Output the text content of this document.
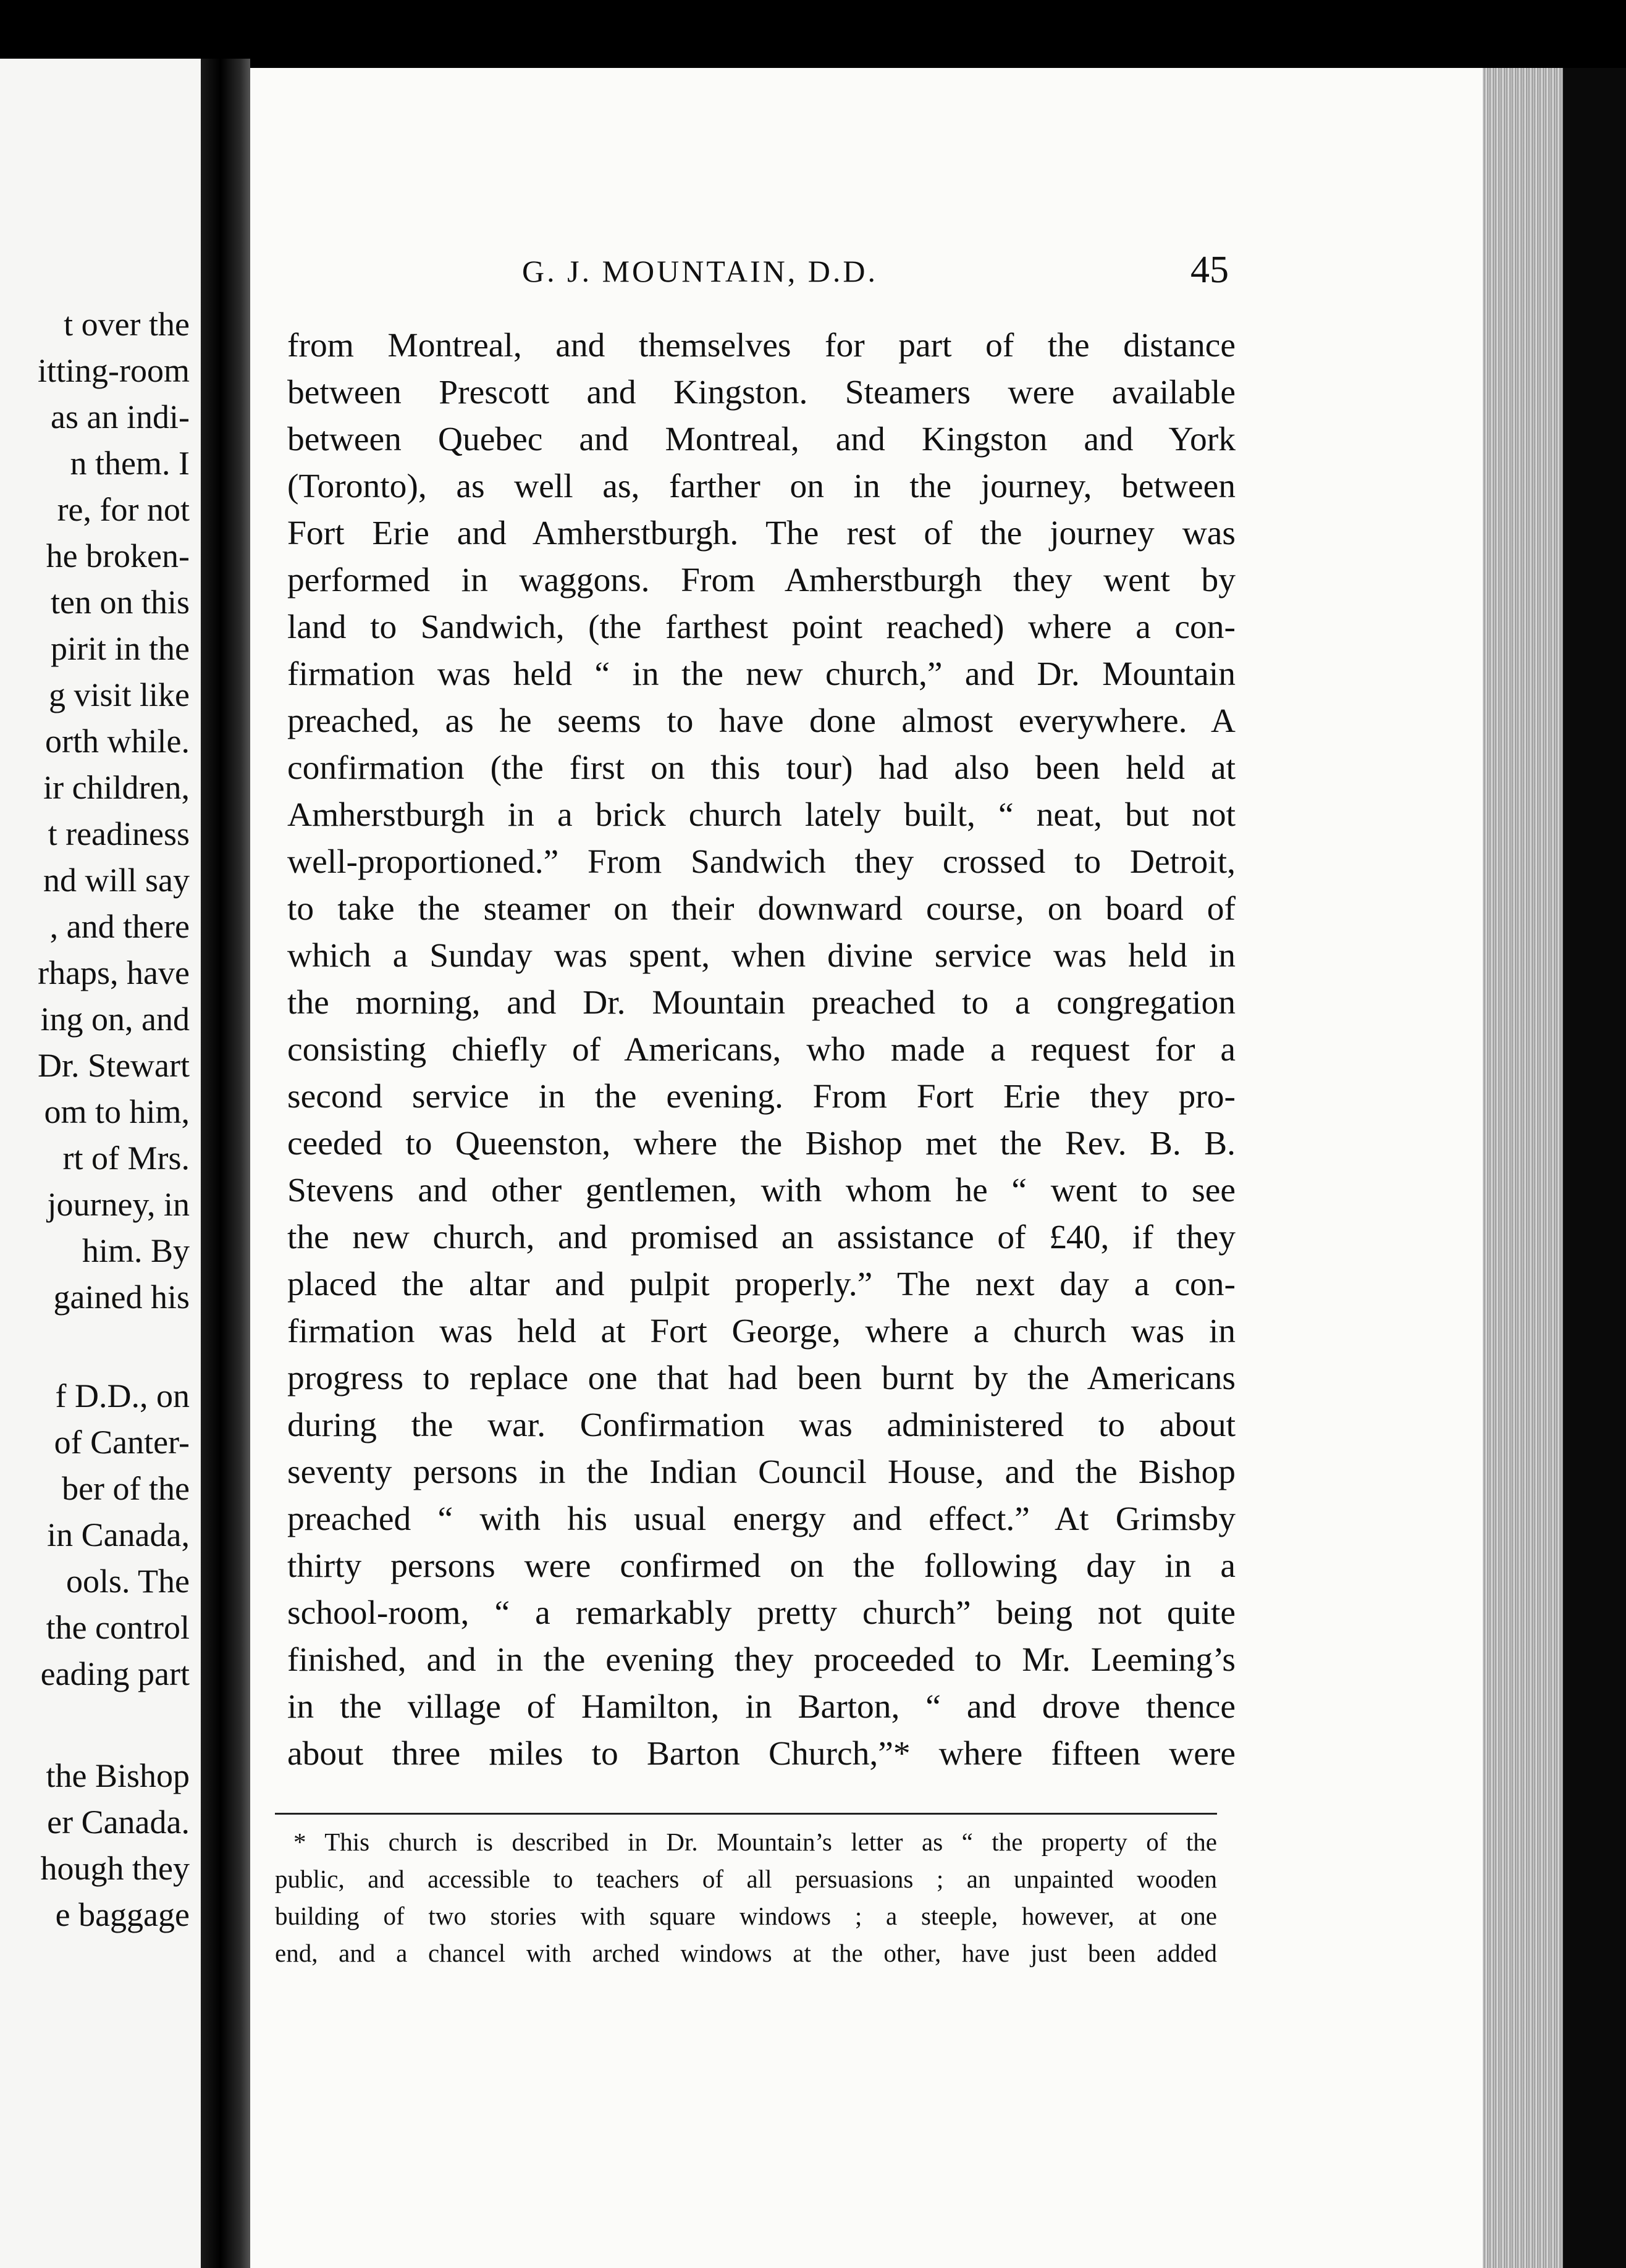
t over the
itting-room
as an indi-
n them. I
re, for not
he broken-
ten on this
pirit in the
g visit like
orth while.
ir children,
t readiness
nd will say
, and there
rhaps, have
ing on, and
Dr. Stewart
om to him,
rt of Mrs.
journey, in
him. By
gained his
f D.D., on
of Canter-
ber of the
in Canada,
ools. The
the control
eading part
the Bishop
er Canada.
hough they
e baggage
G. J. MOUNTAIN, D.D.	45
from Montreal, and themselves for part of the distance
between Prescott and Kingston. Steamers were available
between Quebec and Montreal, and Kingston and York
(Toronto), as well as, farther on in the journey, between
Fort Erie and Amherstburgh. The rest of the journey was
performed in waggons. From Amherstburgh they went by
land to Sandwich, (the farthest point reached) where a con-
firmation was held “ in the new church,” and Dr. Mountain
preached, as he seems to have done almost everywhere. A
confirmation (the first on this tour) had also been held at
Amherstburgh in a brick church lately built, “ neat, but not
well-proportioned.” From Sandwich they crossed to Detroit,
to take the steamer on their downward course, on board of
which a Sunday was spent, when divine service was held in
the morning, and Dr. Mountain preached to a congregation
consisting chiefly of Americans, who made a request for a
second service in the evening. From Fort Erie they pro-
ceeded to Queenston, where the Bishop met the Rev. B. B.
Stevens and other gentlemen, with whom he “ went to see
the new church, and promised an assistance of £40, if they
placed the altar and pulpit properly.” The next day a con-
firmation was held at Fort George, where a church was in
progress to replace one that had been burnt by the Americans
during the war. Confirmation was administered to about
seventy persons in the Indian Council House, and the Bishop
preached “ with his usual energy and effect.” At Grimsby
thirty persons were confirmed on the following day in a
school-room, “ a remarkably pretty church” being not quite
finished, and in the evening they proceeded to Mr. Leeming’s
in the village of Hamilton, in Barton, “ and drove thence
about three miles to Barton Church,”* where fifteen were
* This church is described in Dr. Mountain’s letter as “ the property of the
public, and accessible to teachers of all persuasions ; an unpainted wooden
building of two stories with square windows ; a steeple, however, at one
end, and a chancel with arched windows at the other, have just been added
